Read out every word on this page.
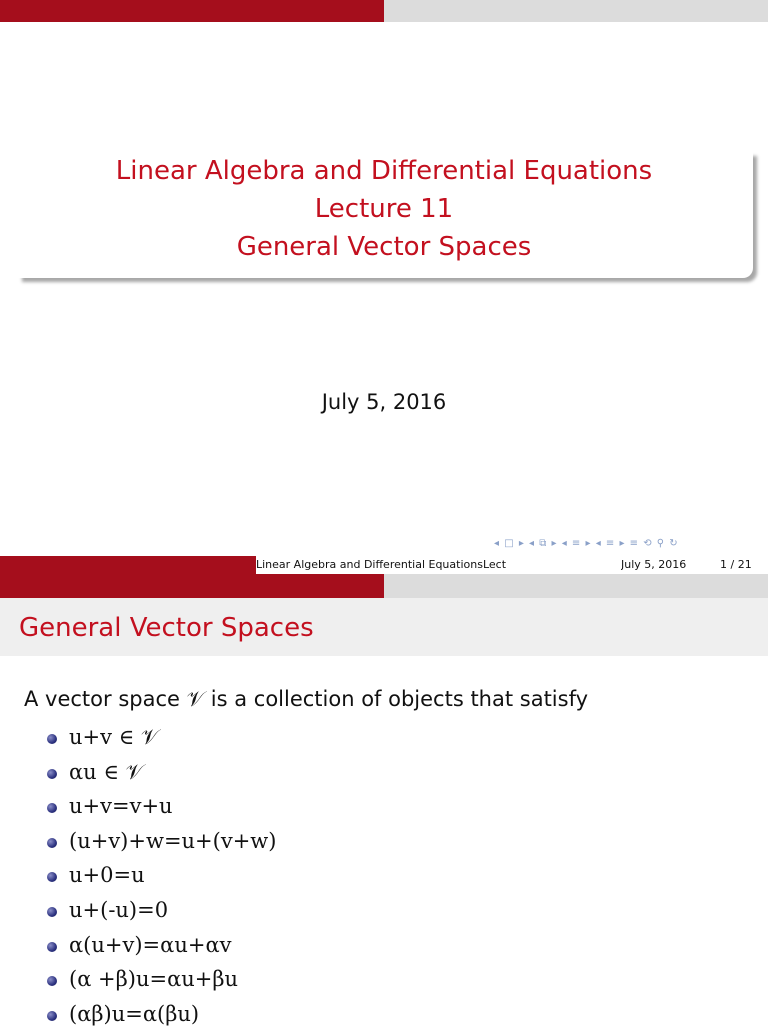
Linear Algebra and Differential Equations
Lecture 11
General Vector Spaces
July 5, 2016
◂ □ ▸ ◂ ⧉ ▸ ◂ ≡ ▸ ◂ ≡ ▸ ≡ ⟲ ⚲ ↻
Linear Algebra and Differential EquationsLect	July 5, 2016	1 / 21
General Vector Spaces
A vector space 𝒱 is a collection of objects that satisfy
u+v ∈ 𝒱
αu ∈ 𝒱
u+v=v+u
(u+v)+w=u+(v+w)
u+0=u
u+(-u)=0
α(u+v)=αu+αv
(α +β)u=αu+βu
(αβ)u=α(βu)
